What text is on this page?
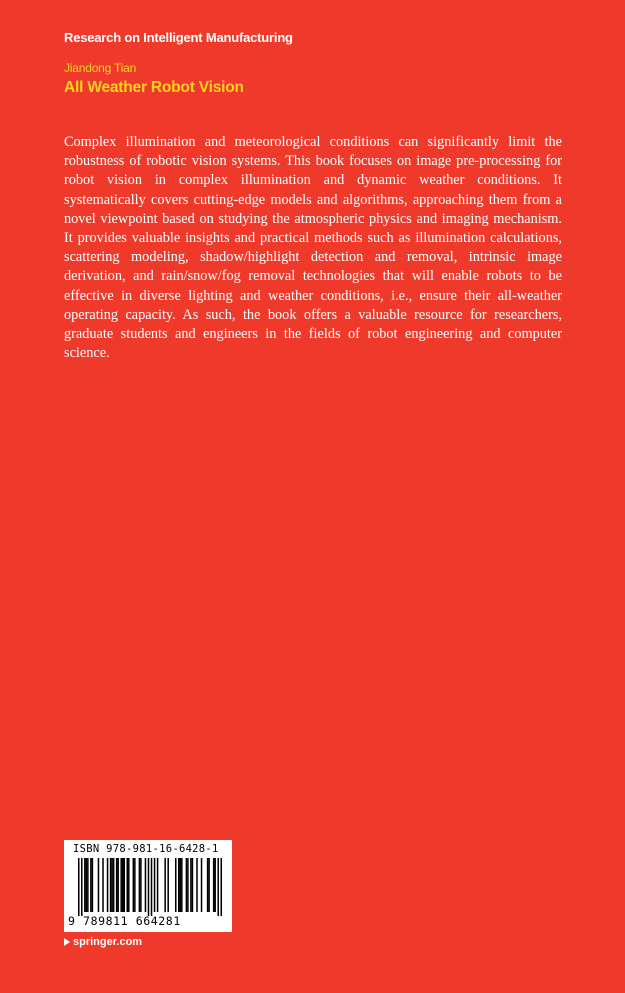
Research on Intelligent Manufacturing
Jiandong Tian
All Weather Robot Vision

Complex illumination and meteorological conditions can significantly limit the robustness of robotic vision systems. This book focuses on image pre-processing for robot vision in complex illumination and dynamic weather conditions. It systematically covers cutting-edge models and algorithms, approaching them from a novel viewpoint based on studying the atmospheric physics and imaging mechanism. It provides valuable insights and practical methods such as illumination calculations, scattering modeling, shadow/highlight detection and removal, intrinsic image derivation, and rain/snow/fog removal technologies that will enable robots to be effective in diverse lighting and weather conditions, i.e., ensure their all-weather operating capacity. As such, the book offers a valuable resource for researchers, graduate students and engineers in the fields of robot engineering and computer science.

ISBN 978-981-16-6428-1
9 789811 664281
springer.com
